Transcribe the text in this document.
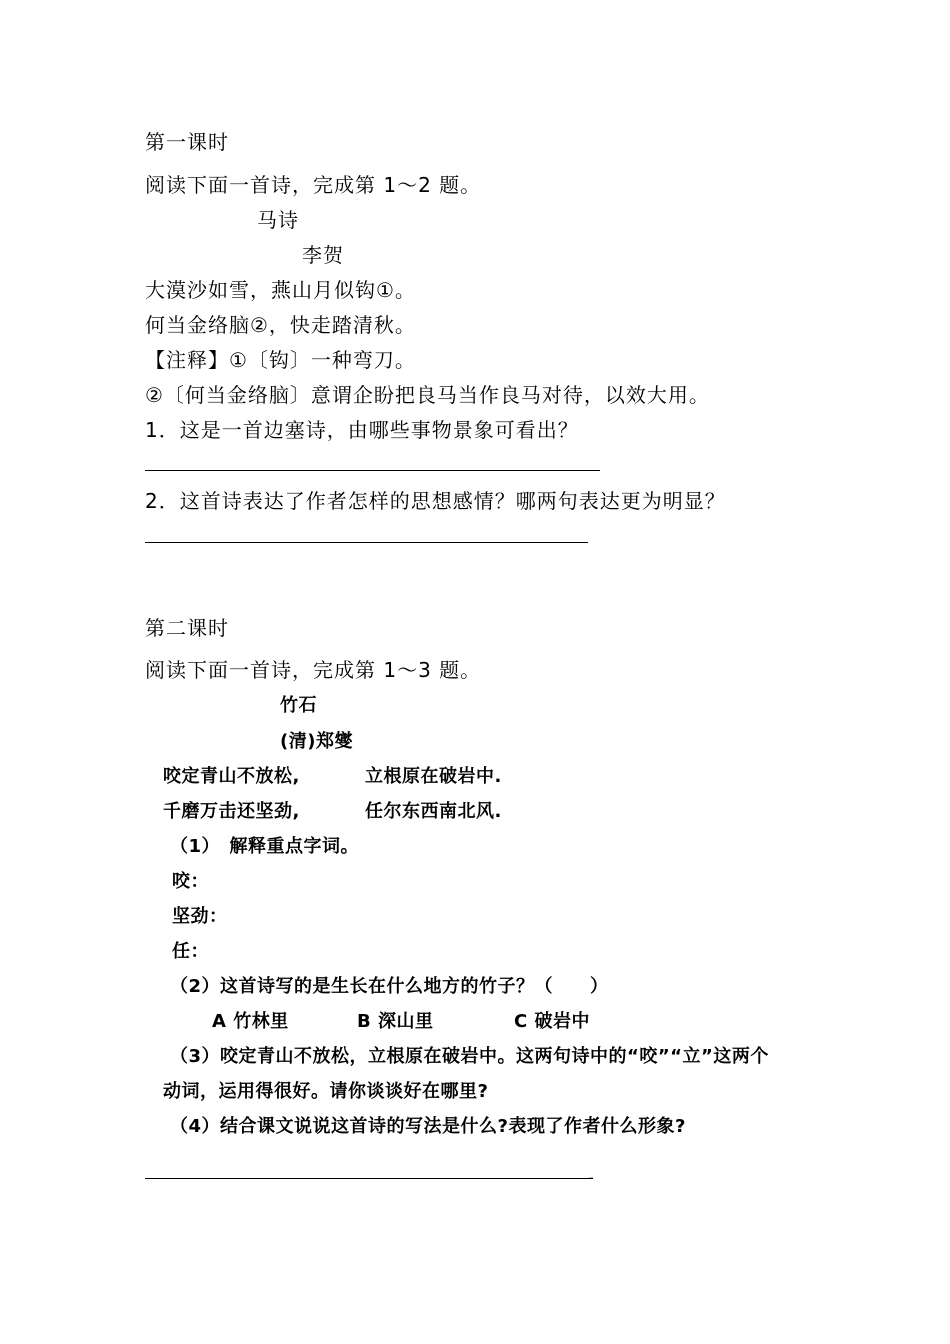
第一课时
阅读下面一首诗，完成第 1～2 题。
马诗
李贺
大漠沙如雪，燕山月似钩①。
何当金络脑②，快走踏清秋。
【注释】①〔钩〕一种弯刀。
②〔何当金络脑〕意谓企盼把良马当作良马对待，以效大用。
1．这是一首边塞诗，由哪些事物景象可看出？
2．这首诗表达了作者怎样的思想感情？哪两句表达更为明显？
第二课时
阅读下面一首诗，完成第 1～3 题。
竹石
(清)郑燮
咬定青山不放松,	立根原在破岩中.
千磨万击还坚劲,	任尔东西南北风.
（1）　解释重点字词。
咬：
坚劲：
任：
（2）这首诗写的是生长在什么地方的竹子？（　　）
A 竹林里	B 深山里	C 破岩中
（3）咬定青山不放松，立根原在破岩中。这两句诗中的“咬”“立”这两个
动词，运用得很好。请你谈谈好在哪里?
（4）结合课文说说这首诗的写法是什么?表现了作者什么形象?
-
